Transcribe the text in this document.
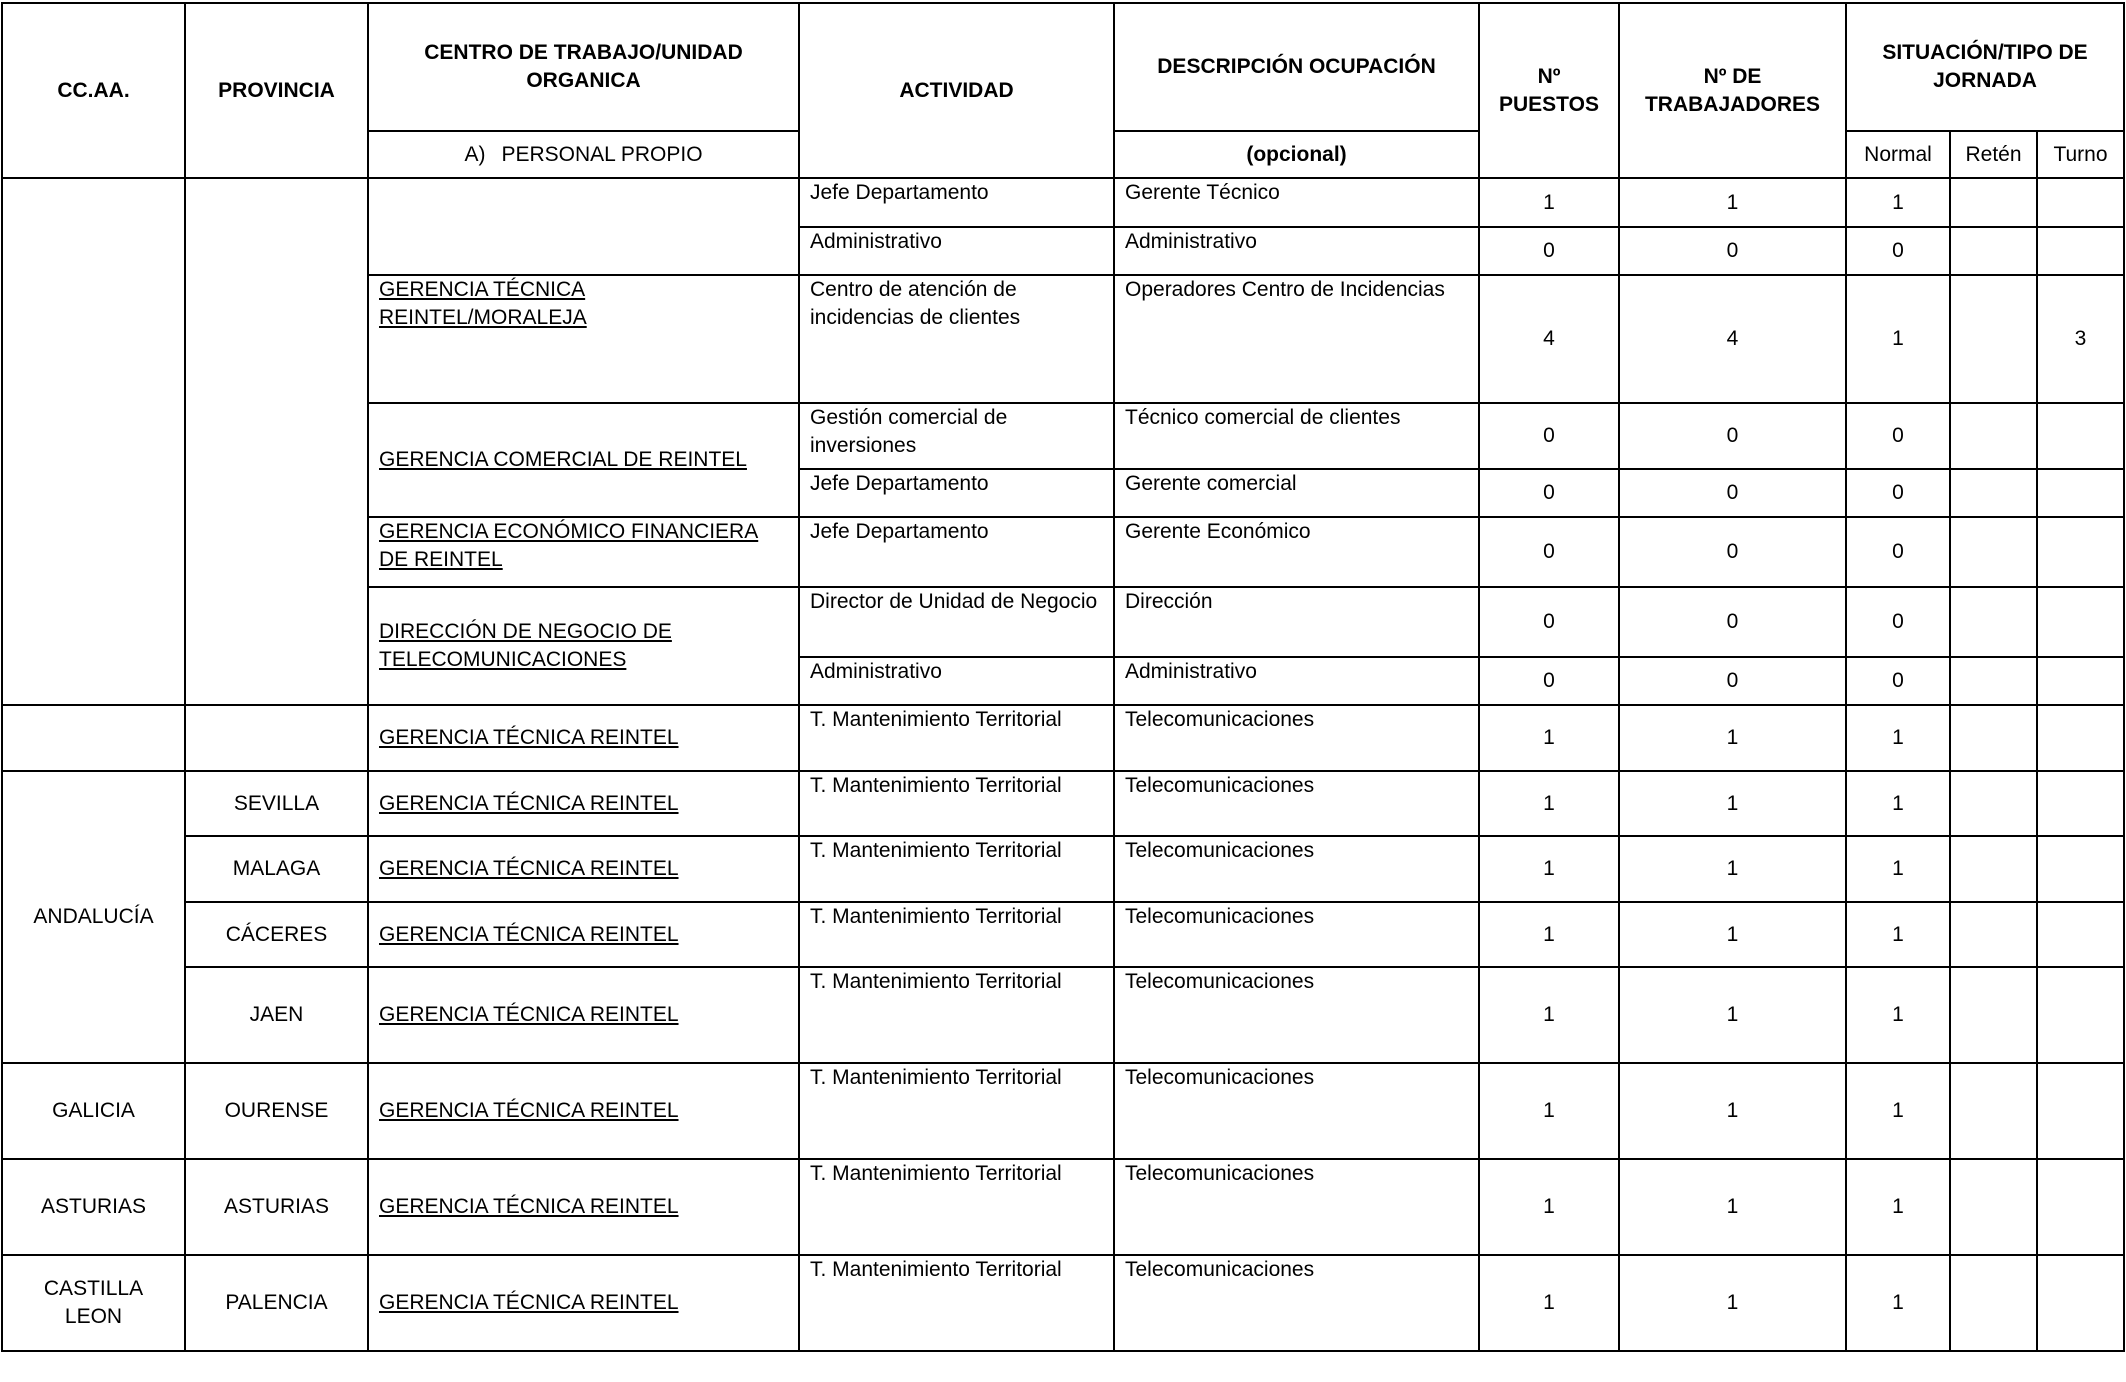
CC.AA.	PROVINCIA	CENTRO DE TRABAJO/UNIDAD ORGANICA	ACTIVIDAD	DESCRIPCIÓN OCUPACIÓN	Nº PUESTOS	Nº DE TRABAJADORES	SITUACIÓN/TIPO DE JORNADA		
		A) PERSONAL PROPIO		(opcional)			Normal	Retén	Turno
			Jefe Departamento	Gerente Técnico	1	1	1		
			Administrativo	Administrativo	0	0	0		
		GERENCIA TÉCNICA REINTEL/MORALEJA	Centro de atención de incidencias de clientes	Operadores Centro de Incidencias	4	4	1		3
		GERENCIA COMERCIAL DE REINTEL	Gestión comercial de inversiones	Técnico comercial de clientes	0	0	0		
			Jefe Departamento	Gerente comercial	0	0	0		
		GERENCIA ECONÓMICO FINANCIERA DE REINTEL	Jefe Departamento	Gerente Económico	0	0	0		
		DIRECCIÓN DE NEGOCIO DE TELECOMUNICACIONES	Director de Unidad de Negocio	Dirección	0	0	0		
			Administrativo	Administrativo	0	0	0		
		GERENCIA TÉCNICA REINTEL	T. Mantenimiento Territorial	Telecomunicaciones	1	1	1		
ANDALUCÍA	SEVILLA	GERENCIA TÉCNICA REINTEL	T. Mantenimiento Territorial	Telecomunicaciones	1	1	1		
	MALAGA	GERENCIA TÉCNICA REINTEL	T. Mantenimiento Territorial	Telecomunicaciones	1	1	1		
	CÁCERES	GERENCIA TÉCNICA REINTEL	T. Mantenimiento Territorial	Telecomunicaciones	1	1	1		
	JAEN	GERENCIA TÉCNICA REINTEL	T. Mantenimiento Territorial	Telecomunicaciones	1	1	1		
GALICIA	OURENSE	GERENCIA TÉCNICA REINTEL	T. Mantenimiento Territorial	Telecomunicaciones	1	1	1		
ASTURIAS	ASTURIAS	GERENCIA TÉCNICA REINTEL	T. Mantenimiento Territorial	Telecomunicaciones	1	1	1		
CASTILLA LEON	PALENCIA	GERENCIA TÉCNICA REINTEL	T. Mantenimiento Territorial	Telecomunicaciones	1	1	1		
